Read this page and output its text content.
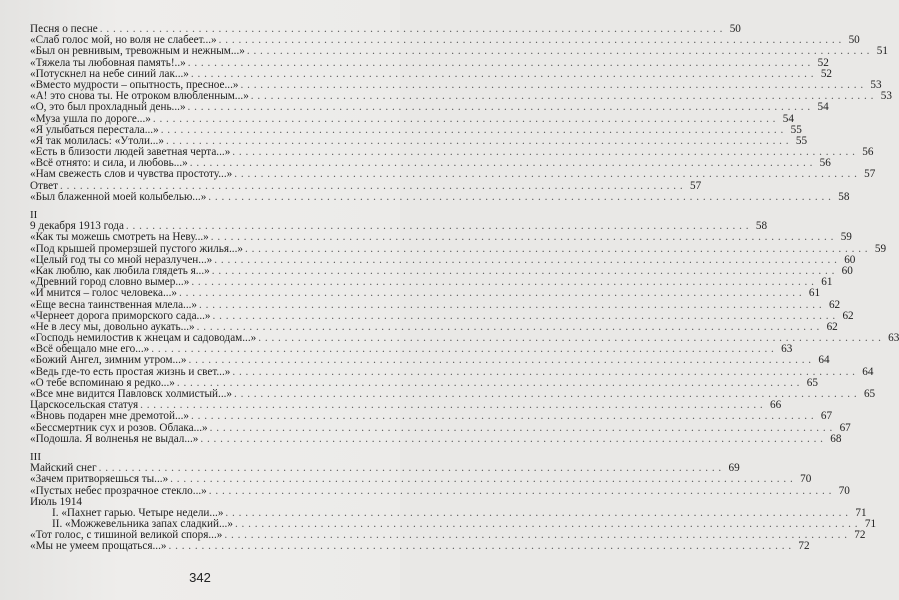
Песня о песне . . .	50
«Слаб голос мой, но воля не слабеет...» . . .	50
«Был он ревнивым, тревожным и нежным...» . . .	51
«Тяжела ты любовная память!..» . . .	52
«Потускнел на небе синий лак...» . . .	52
«Вместо мудрости – опытность, пресное...» . . .	53
«А! это снова ты. Не отроком влюбленным...» . . .	53
«О, это был прохладный день...» . . .	54
«Муза ушла по дороге...» . . .	54
«Я улыбаться перестала...» . . .	55
«Я так молилась: «Утоли...» . . .	55
«Есть в близости людей заветная черта...» . . .	56
«Всё отнято: и сила, и любовь...» . . .	56
«Нам свежесть слов и чувства простоту...» . . .	57
Ответ . . .	57
«Был блаженной моей колыбелью...» . . .	58
II
9 декабря 1913 года . . .	58
«Как ты можешь смотреть на Неву...» . . .	59
«Под крышей промерзшей пустого жилья...» . . .	59
«Целый год ты со мной неразлучен...» . . .	60
«Как люблю, как любила глядеть я...» . . .	60
«Древний город словно вымер...» . . .	61
«И мнится – голос человека...» . . .	61
«Еще весна таинственная млела...» . . .	62
«Чернеет дорога приморского сада...» . . .	62
«Не в лесу мы, довольно аукать...» . . .	62
«Господь немилостив к жнецам и садоводам...» . . .	63
«Всё обещало мне его...» . . .	63
«Божий Ангел, зимним утром...» . . .	64
«Ведь где-то есть простая жизнь и свет...» . . .	64
«О тебе вспоминаю я редко...» . . .	65
«Все мне видится Павловск холмистый...» . . .	65
Царскосельская статуя . . .	66
«Вновь подарен мне дремотой...» . . .	67
«Бессмертник сух и розов. Облака...» . . .	67
«Подошла. Я волненья не выдал...» . . .	68
III
Майский снег . . .	69
«Зачем притворяешься ты...» . . .	70
«Пустых небес прозрачное стекло...» . . .	70
Июль 1914
I. «Пахнет гарью. Четыре недели...» . . .	71
II. «Можжевельника запах сладкий...» . . .	71
«Тот голос, с тишиной великой споря...» . . .	72
«Мы не умеем прощаться...» . . .	72
342
